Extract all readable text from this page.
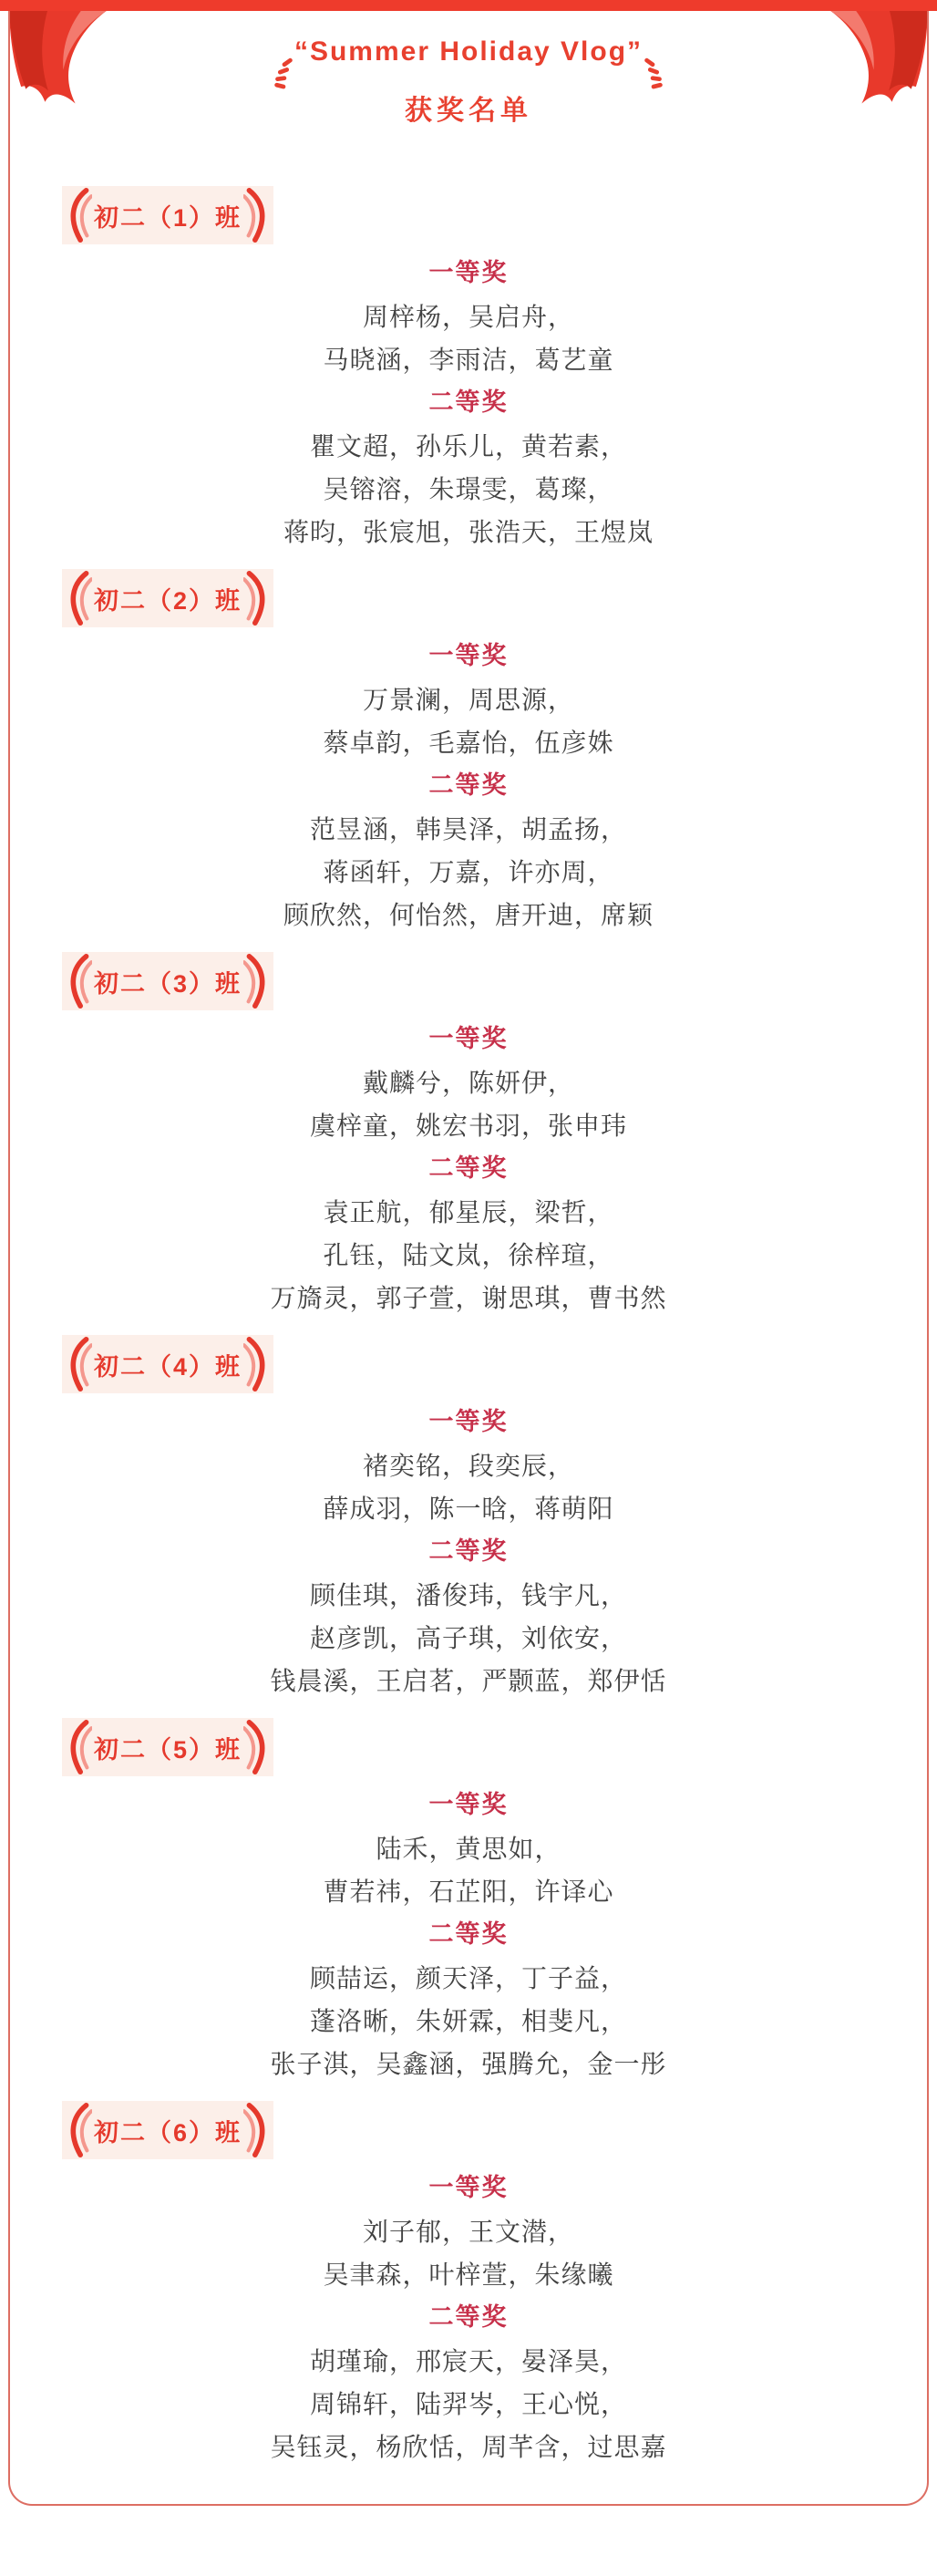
“Summer Holiday Vlog”
获奖名单
初二（1）班
一等奖

周梓杨，吴启舟，

马晓涵，李雨洁，葛艺童

二等奖

瞿文超，孙乐儿，黄若素，

吴镕溶，朱璟雯，葛璨，

蒋昀，张宸旭，张浩天，王煜岚

初二（2）班
一等奖

万景澜，周思源，

蔡卓韵，毛嘉怡，伍彦姝

二等奖

范昱涵，韩昊泽，胡孟扬，

蒋函轩，万嘉，许亦周，

顾欣然，何怡然，唐开迪，席颖

初二（3）班
一等奖

戴麟兮，陈妍伊，

虞梓童，姚宏书羽，张申玮

二等奖

袁正航，郁星辰，梁哲，

孔钰，陆文岚，徐梓瑄，

万旖灵，郭子萱，谢思琪，曹书然

初二（4）班
一等奖

褚奕铭，段奕辰，

薛成羽，陈一晗，蒋萌阳

二等奖

顾佳琪，潘俊玮，钱宇凡，

赵彦凯，高子琪，刘依安，

钱晨溪，王启茗，严颢蓝，郑伊恬

初二（5）班
一等奖

陆禾，黄思如，

曹若祎，石芷阳，许译心

二等奖

顾喆运，颜天泽，丁子益，

蓬洛晰，朱妍霖，相斐凡，

张子淇，吴鑫涵，强腾允，金一彤

初二（6）班
一等奖

刘子郁，王文潜，

吴聿森，叶梓萱，朱缘曦

二等奖

胡瑾瑜，邢宸天，晏泽昊，

周锦轩，陆羿岑，王心悦，

吴钰灵，杨欣恬，周芊含，过思嘉
